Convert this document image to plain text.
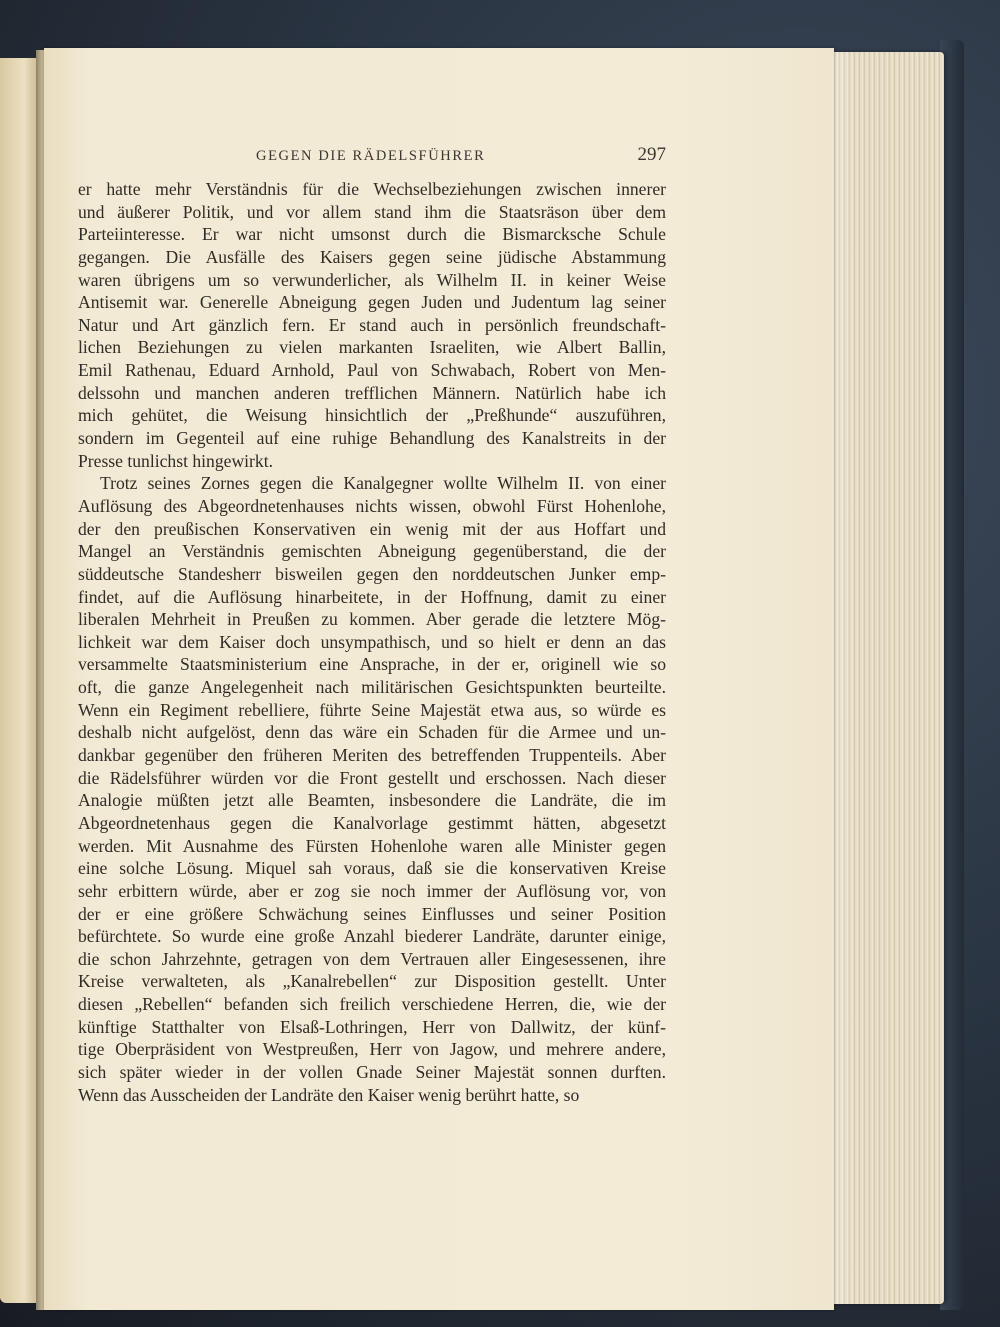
GEGEN DIE RÄDELSFÜHRER	297
er hatte mehr Verständnis für die Wechselbeziehungen zwischen innerer
und äußerer Politik, und vor allem stand ihm die Staatsräson über dem
Parteiinteresse. Er war nicht umsonst durch die Bismarcksche Schule
gegangen. Die Ausfälle des Kaisers gegen seine jüdische Abstammung
waren übrigens um so verwunderlicher, als Wilhelm II. in keiner Weise
Antisemit war. Generelle Abneigung gegen Juden und Judentum lag seiner
Natur und Art gänzlich fern. Er stand auch in persönlich freundschaft-
lichen Beziehungen zu vielen markanten Israeliten, wie Albert Ballin,
Emil Rathenau, Eduard Arnhold, Paul von Schwabach, Robert von Men-
delssohn und manchen anderen trefflichen Männern. Natürlich habe ich
mich gehütet, die Weisung hinsichtlich der „Preßhunde“ auszuführen,
sondern im Gegenteil auf eine ruhige Behandlung des Kanalstreits in der
Presse tunlichst hingewirkt.
Trotz seines Zornes gegen die Kanalgegner wollte Wilhelm II. von einer
Auflösung des Abgeordnetenhauses nichts wissen, obwohl Fürst Hohenlohe,
der den preußischen Konservativen ein wenig mit der aus Hoffart und
Mangel an Verständnis gemischten Abneigung gegenüberstand, die der
süddeutsche Standesherr bisweilen gegen den norddeutschen Junker emp-
findet, auf die Auflösung hinarbeitete, in der Hoffnung, damit zu einer
liberalen Mehrheit in Preußen zu kommen. Aber gerade die letztere Mög-
lichkeit war dem Kaiser doch unsympathisch, und so hielt er denn an das
versammelte Staatsministerium eine Ansprache, in der er, originell wie so
oft, die ganze Angelegenheit nach militärischen Gesichtspunkten beurteilte.
Wenn ein Regiment rebelliere, führte Seine Majestät etwa aus, so würde es
deshalb nicht aufgelöst, denn das wäre ein Schaden für die Armee und un-
dankbar gegenüber den früheren Meriten des betreffenden Truppenteils. Aber
die Rädelsführer würden vor die Front gestellt und erschossen. Nach dieser
Analogie müßten jetzt alle Beamten, insbesondere die Landräte, die im
Abgeordnetenhaus gegen die Kanalvorlage gestimmt hätten, abgesetzt
werden. Mit Ausnahme des Fürsten Hohenlohe waren alle Minister gegen
eine solche Lösung. Miquel sah voraus, daß sie die konservativen Kreise
sehr erbittern würde, aber er zog sie noch immer der Auflösung vor, von
der er eine größere Schwächung seines Einflusses und seiner Position
befürchtete. So wurde eine große Anzahl biederer Landräte, darunter einige,
die schon Jahrzehnte, getragen von dem Vertrauen aller Eingesessenen, ihre
Kreise verwalteten, als „Kanalrebellen“ zur Disposition gestellt. Unter
diesen „Rebellen“ befanden sich freilich verschiedene Herren, die, wie der
künftige Statthalter von Elsaß-Lothringen, Herr von Dallwitz, der künf-
tige Oberpräsident von Westpreußen, Herr von Jagow, und mehrere andere,
sich später wieder in der vollen Gnade Seiner Majestät sonnen durften.
Wenn das Ausscheiden der Landräte den Kaiser wenig berührt hatte, so
